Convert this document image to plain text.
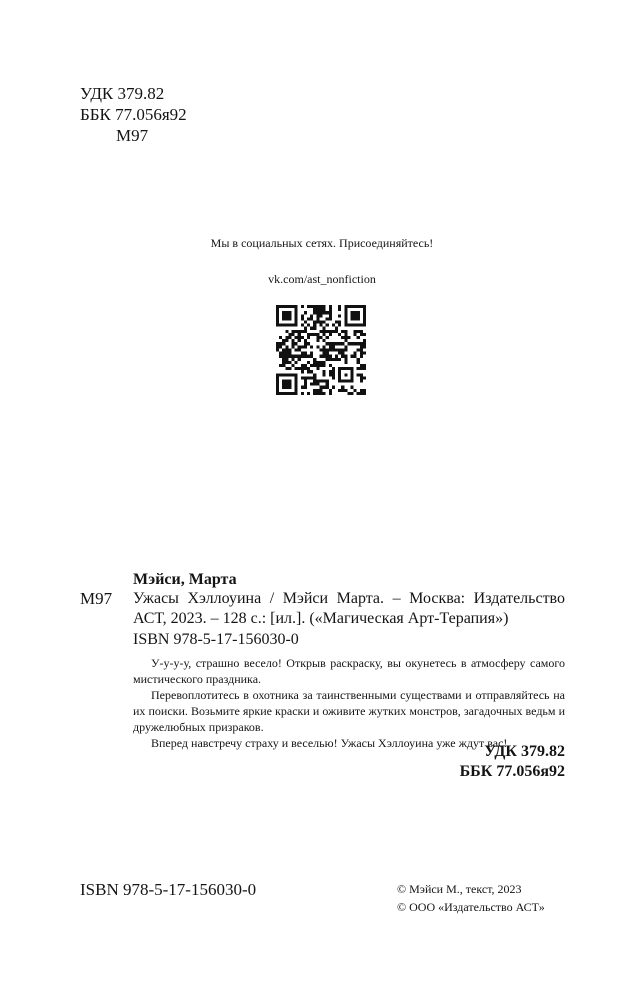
УДК 379.82
ББК 77.056я92
М97
Мы в социальных сетях. Присоединяйтесь!
vk.com/ast_nonfiction
Мэйси, Марта
М97 Ужасы Хэллоуина / Мэйси Марта. – Москва: Издательство АСТ, 2023. – 128 с.: [ил.]. («Магическая Арт-Терапия»)
ISBN 978-5-17-156030-0

У-у-у-у, страшно весело! Открыв раскраску, вы окунетесь в атмосферу самого мистического праздника.

Перевоплотитесь в охотника за таинственными существами и отправляйтесь на их поиски. Возьмите яркие краски и оживите жутких монстров, загадочных ведьм и дружелюбных призраков.

Вперед навстречу страху и веселью! Ужасы Хэллоуина уже ждут вас!

УДК 379.82
ББК 77.056я92
ISBN 978-5-17-156030-0	© Мэйси М., текст, 2023
© ООО «Издательство АСТ»
